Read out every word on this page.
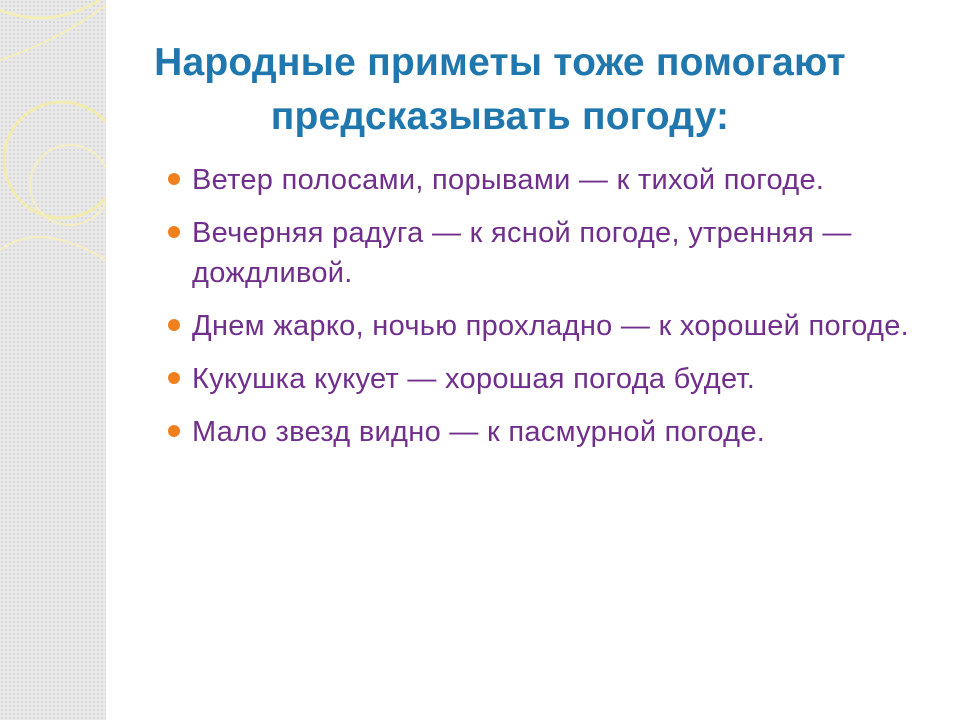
Народные приметы тоже помогают предсказывать погоду:
Ветер полосами, порывами — к тихой погоде.
Вечерняя радуга — к ясной погоде, утренняя —дождливой.
Днем жарко, ночью прохладно — к хорошей погоде.
Кукушка кукует — хорошая погода будет.
Мало звезд видно — к пасмурной погоде.
